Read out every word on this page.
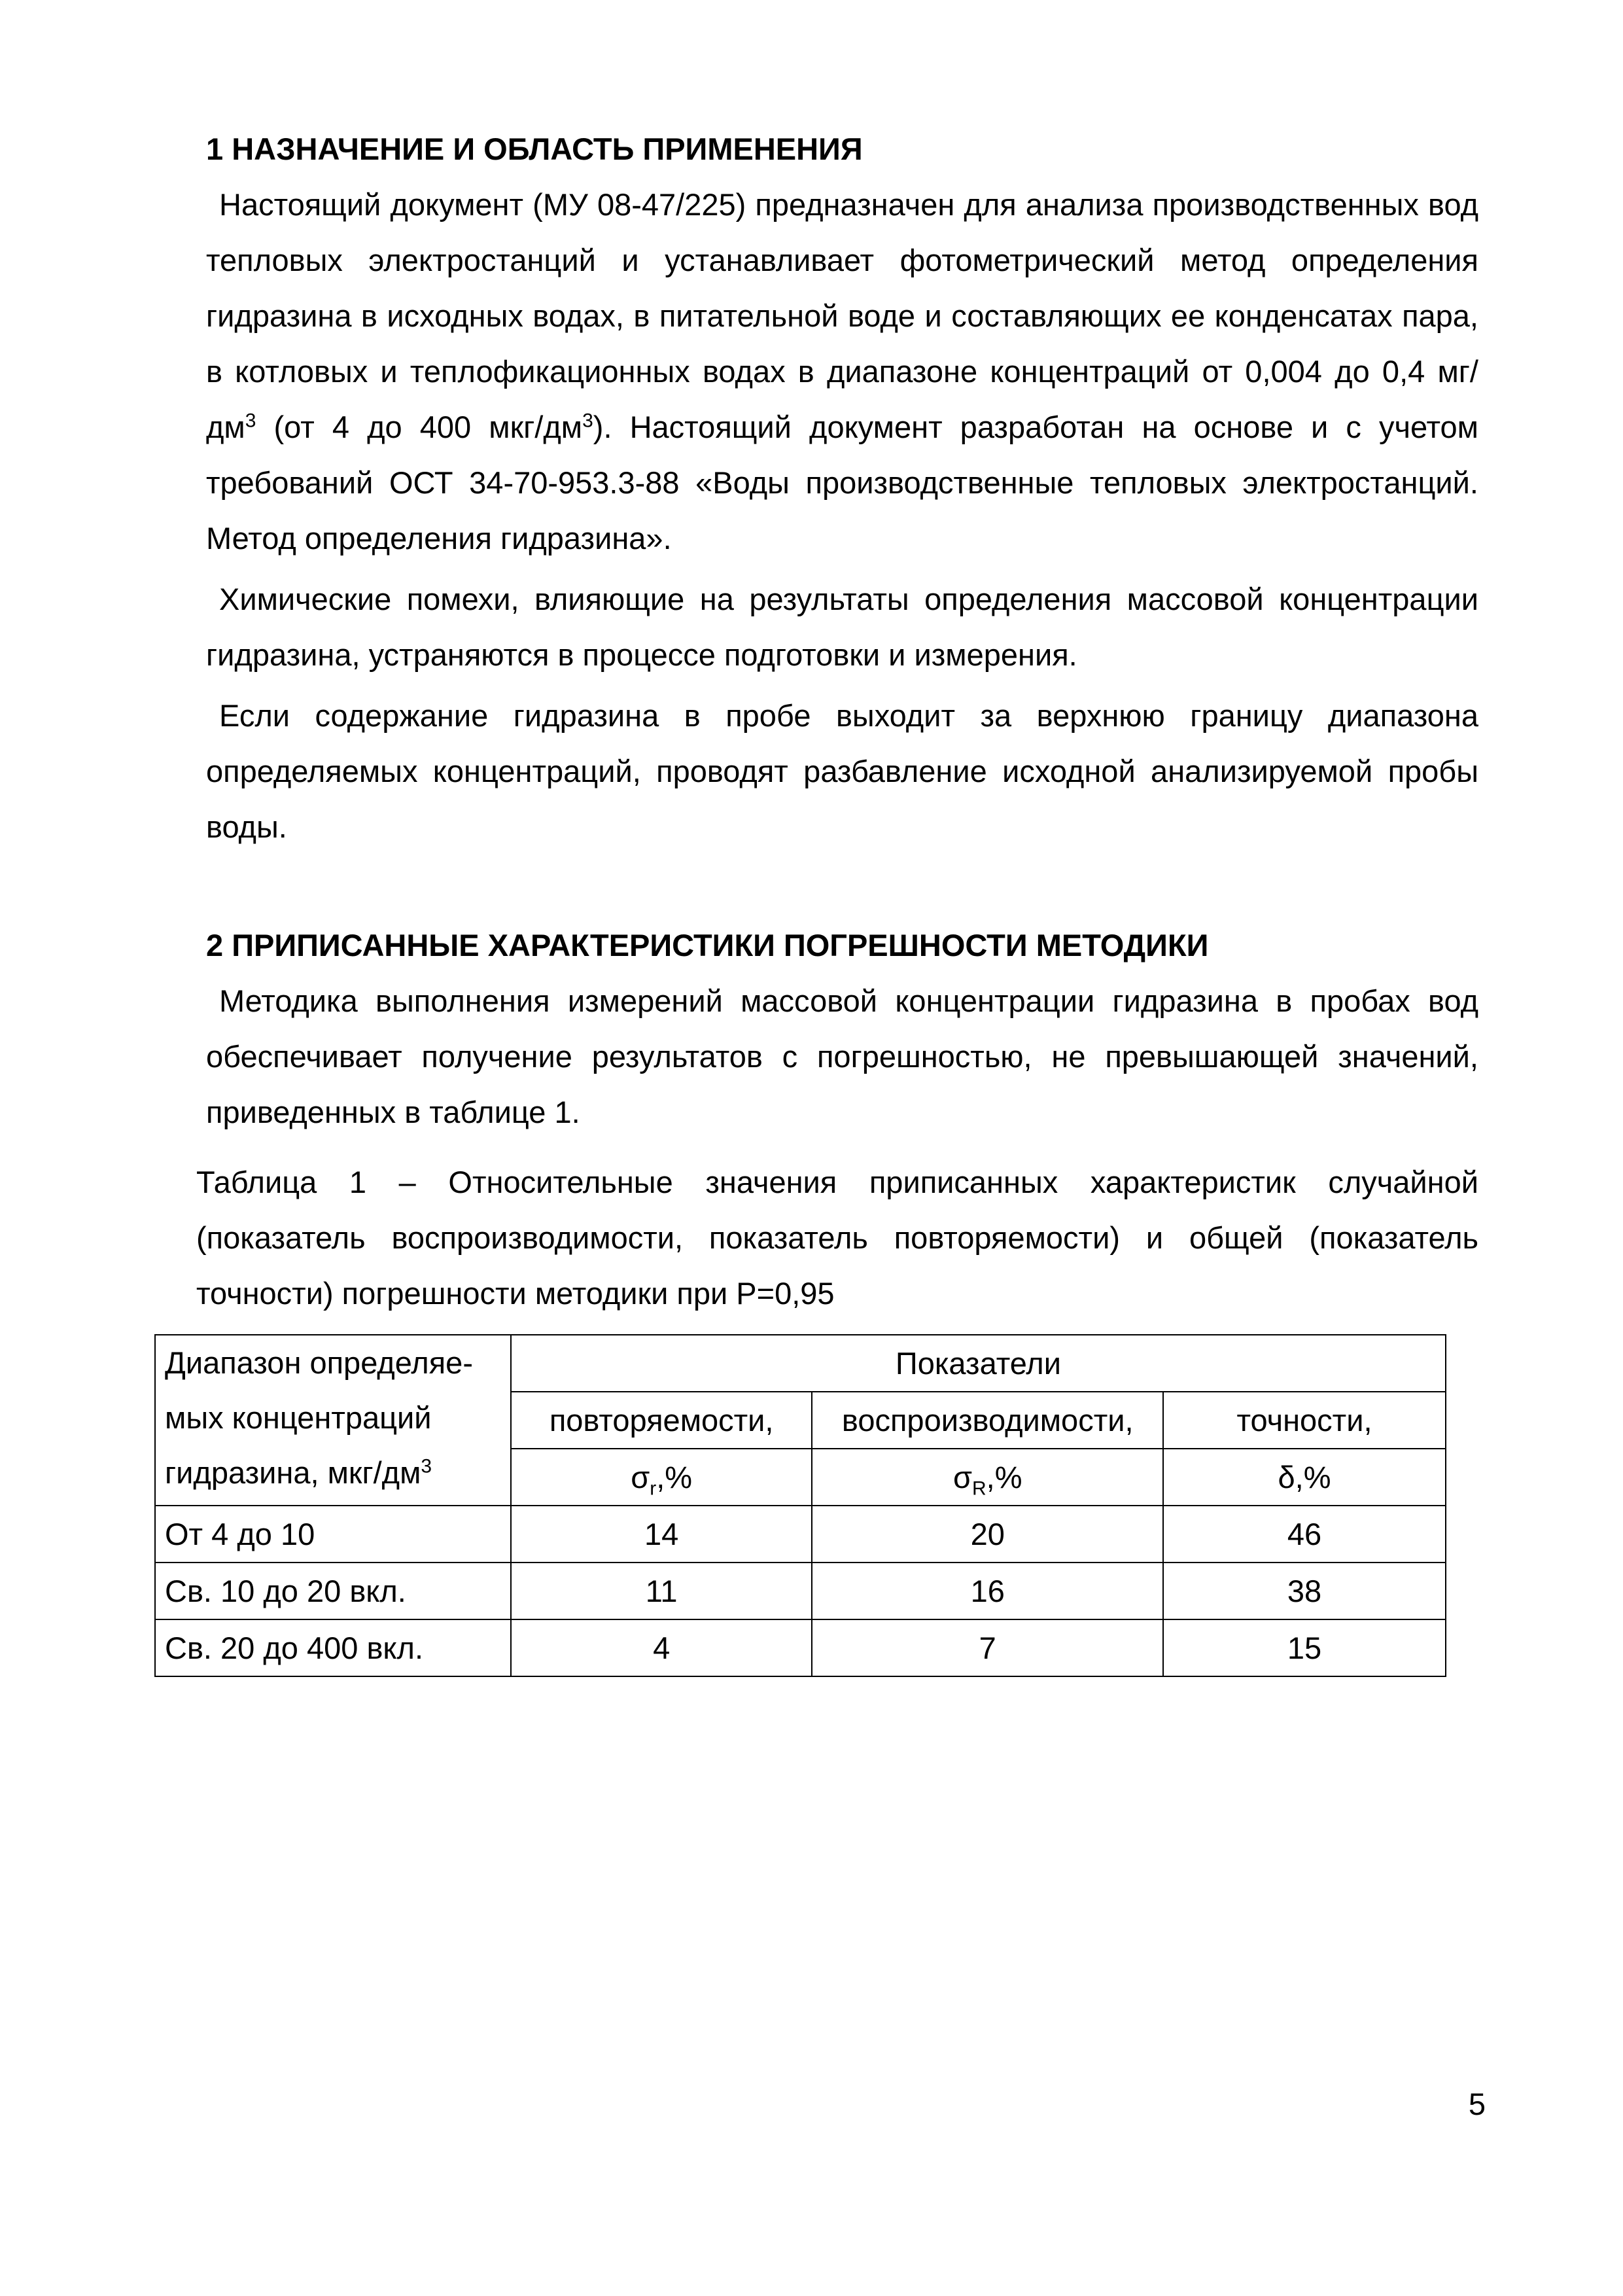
1 НАЗНАЧЕНИЕ И ОБЛАСТЬ ПРИМЕНЕНИЯ

Настоящий документ (МУ 08-47/225) предназначен для анализа производственных вод тепловых электростанций и устанавливает фотометрический метод определения гидразина в исходных водах, в питательной воде и составляющих ее конденсатах пара, в котловых и теплофикационных водах в диапазоне концентраций от 0,004 до 0,4 $мг/дм^3$ (от 4 до 400 мкг/$дм^3$). Настоящий документ разработан на основе и с учетом требований ОСТ 34-70-953.3-88 «Воды производственные тепловых электростанций. Метод определения гидразина».

Химические помехи, влияющие на результаты определения массовой концентрации гидразина, устраняются в процессе подготовки и измерения.

Если содержание гидразина в пробе выходит за верхнюю границу диапазона определяемых концентраций, проводят разбавление исходной анализируемой пробы воды.

2 ПРИПИСАННЫЕ ХАРАКТЕРИСТИКИ ПОГРЕШНОСТИ МЕТОДИКИ

Методика выполнения измерений массовой концентрации гидразина в пробах вод обеспечивает получение результатов с погрешностью, не превышающей значений, приведенных в таблице 1.

Таблица 1 – Относительные значения приписанных характеристик случайной (показатель воспроизводимости, показатель повторяемости) и общей (показатель точности) погрешности методики при Р=0,95

Диапазон определяе-
мых концентраций
гидразина, мкг/$дм^3$	Показатели		
	повторяемости,	воспроизводимости,	точности,
	$\sigma_r,\%$	$\sigma_R,\%$	δ,%
От 4 до 10	14	20	46
Св. 10 до 20 вкл.	11	16	38
Св. 20 до 400 вкл.	4	7	15
5
